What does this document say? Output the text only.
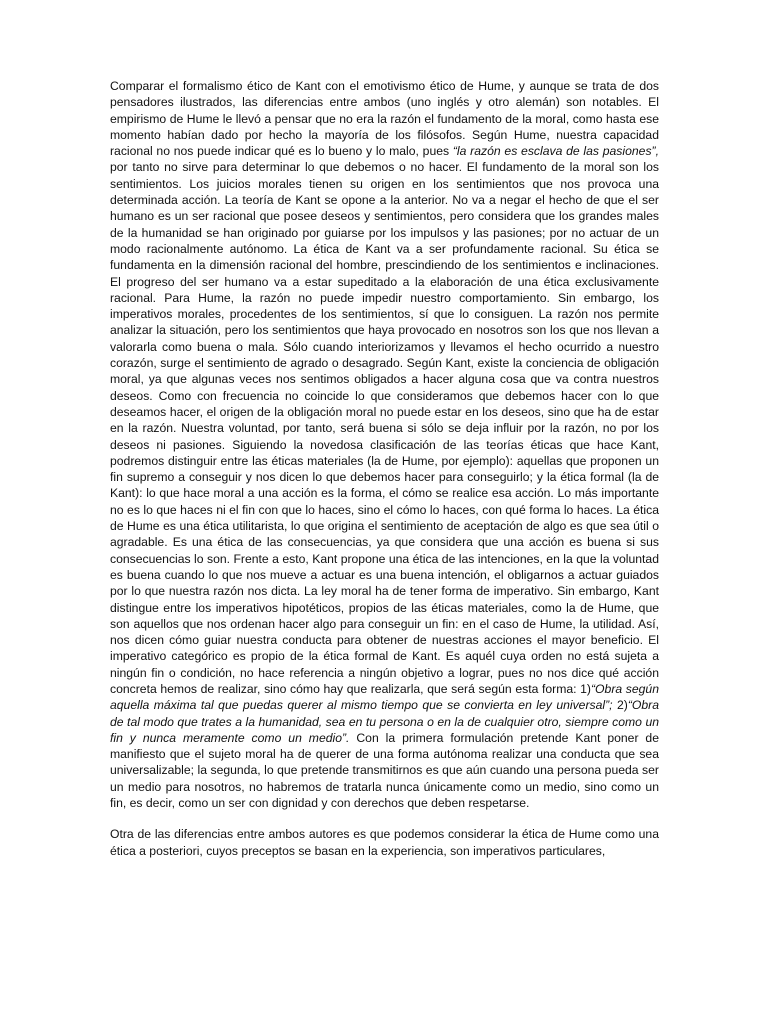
Comparar el formalismo ético de Kant con el emotivismo ético de Hume, y aunque se trata de dos pensadores ilustrados, las diferencias entre ambos (uno inglés y otro alemán) son notables. El empirismo de Hume le llevó a pensar que no era la razón el fundamento de la moral, como hasta ese momento habían dado por hecho la mayoría de los filósofos. Según Hume, nuestra capacidad racional no nos puede indicar qué es lo bueno y lo malo, pues “la razón es esclava de las pasiones”, por tanto no sirve para determinar lo que debemos o no hacer. El fundamento de la moral son los sentimientos. Los juicios morales tienen su origen en los sentimientos que nos provoca una determinada acción. La teoría de Kant se opone a la anterior. No va a negar el hecho de que el ser humano es un ser racional que posee deseos y sentimientos, pero considera que los grandes males de la humanidad se han originado por guiarse por los impulsos y las pasiones; por no actuar de un modo racionalmente autónomo. La ética de Kant va a ser profundamente racional. Su ética se fundamenta en la dimensión racional del hombre, prescindiendo de los sentimientos e inclinaciones. El progreso del ser humano va a estar supeditado a la elaboración de una ética exclusivamente racional. Para Hume, la razón no puede impedir nuestro comportamiento. Sin embargo, los imperativos morales, procedentes de los sentimientos, sí que lo consiguen. La razón nos permite analizar la situación, pero los sentimientos que haya provocado en nosotros son los que nos llevan a valorarla como buena o mala. Sólo cuando interiorizamos y llevamos el hecho ocurrido a nuestro corazón, surge el sentimiento de agrado o desagrado. Según Kant, existe la conciencia de obligación moral, ya que algunas veces nos sentimos obligados a hacer alguna cosa que va contra nuestros deseos. Como con frecuencia no coincide lo que consideramos que debemos hacer con lo que deseamos hacer, el origen de la obligación moral no puede estar en los deseos, sino que ha de estar en la razón. Nuestra voluntad, por tanto, será buena si sólo se deja influir por la razón, no por los deseos ni pasiones. Siguiendo la novedosa clasificación de las teorías éticas que hace Kant, podremos distinguir entre las éticas materiales (la de Hume, por ejemplo): aquellas que proponen un fin supremo a conseguir y nos dicen lo que debemos hacer para conseguirlo; y la ética formal (la de Kant): lo que hace moral a una acción es la forma, el cómo se realice esa acción. Lo más importante no es lo que haces ni el fin con que lo haces, sino el cómo lo haces, con qué forma lo haces. La ética de Hume es una ética utilitarista, lo que origina el sentimiento de aceptación de algo es que sea útil o agradable. Es una ética de las consecuencias, ya que considera que una acción es buena si sus consecuencias lo son. Frente a esto, Kant propone una ética de las intenciones, en la que la voluntad es buena cuando lo que nos mueve a actuar es una buena intención, el obligarnos a actuar guiados por lo que nuestra razón nos dicta. La ley moral ha de tener forma de imperativo. Sin embargo, Kant distingue entre los imperativos hipotéticos, propios de las éticas materiales, como la de Hume, que son aquellos que nos ordenan hacer algo para conseguir un fin: en el caso de Hume, la utilidad. Así, nos dicen cómo guiar nuestra conducta para obtener de nuestras acciones el mayor beneficio. El imperativo categórico es propio de la ética formal de Kant. Es aquél cuya orden no está sujeta a ningún fin o condición, no hace referencia a ningún objetivo a lograr, pues no nos dice qué acción concreta hemos de realizar, sino cómo hay que realizarla, que será según esta forma: 1)“Obra según aquella máxima tal que puedas querer al mismo tiempo que se convierta en ley universal”; 2)“Obra de tal modo que trates a la humanidad, sea en tu persona o en la de cualquier otro, siempre como un fin y nunca meramente como un medio”. Con la primera formulación pretende Kant poner de manifiesto que el sujeto moral ha de querer de una forma autónoma realizar una conducta que sea universalizable; la segunda, lo que pretende transmitirnos es que aún cuando una persona pueda ser un medio para nosotros, no habremos de tratarla nunca únicamente como un medio, sino como un fin, es decir, como un ser con dignidad y con derechos que deben respetarse.

Otra de las diferencias entre ambos autores es que podemos considerar la ética de Hume como una ética a posteriori, cuyos preceptos se basan en la experiencia, son imperativos particulares,
